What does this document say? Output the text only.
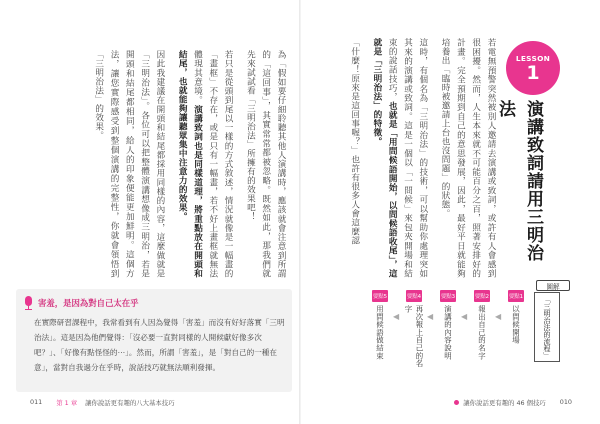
為「假如要仔細聆聽其他人演講時，應該就會注意到所謂的「這回事」，其實常常都被忽略。既然如此，那我們就先來試試看「三明治法」所擁有的效果吧！

若只是從頭到尾以一樣的方式敘述，情況就像是一幅畫的「畫框」不存在，或是只有一幅畫，若不好上畫框就無法體現其意境。演講致詞也是同樣道理，將重點放在開頭和結尾，也就能夠讓聽眾集中注意力的效果。

因此我建議在開頭和結尾都採用同樣的內容，這麼做就是「三明治法」。各位可以把整體演講想像成三明治，若是開頭和結尾都相同，給人的印象便能更加鮮明。這個方法，讓您實際感受到整個演講的完整性，你就會領悟到「三明治法」的效果。

害羞，是因為對自己太在乎
在實際研習課程中，我常看到有人因為覺得「害羞」而沒有好好落實「三明治法」。這是因為他們覺得：「沒必要一直對同樣的人開候獻好像多次吧？」、「好像有點怪怪的⋯」。然而，所謂「害羞」，是「對自己的一種在意」，當對自我過分在乎時，說話技巧就無法順利發揮。
011 第 1 章 讓你說話更有趣的八大基本技巧
LESSON
1
演講致詞請用三明治法

若電無預警突然被別人邀請去演講或致詞，或許有人會感到很困擾。然而，人生本來就不可能百分之百，照著安排好的計畫。完全預期到自己的意思發展，因此，最好平日就能夠培養出「臨時被邀請上台也沒問題」的狀態。

這時，有個名為「三明治法」的技術，可以幫助你處理突如其來的演講或致詞。這是一個以「一問候」來包夾開場和結束的說話技巧，也就是「用問候語開始，以問候語收尾」，這就是「三明治法」的特徵。

「什麼！原來是這回事喔？」也許有很多人會這麼認

圖解
「三明治法的流程」
要點1
以問候開場
◀
要點2
報出自己的名字
◀
要點3
演講的內容說明
◀
要點4
再次報上自己的名字
◀
要點5
用問候語做結束
讓你說話更有趣的 46 個技巧 010
